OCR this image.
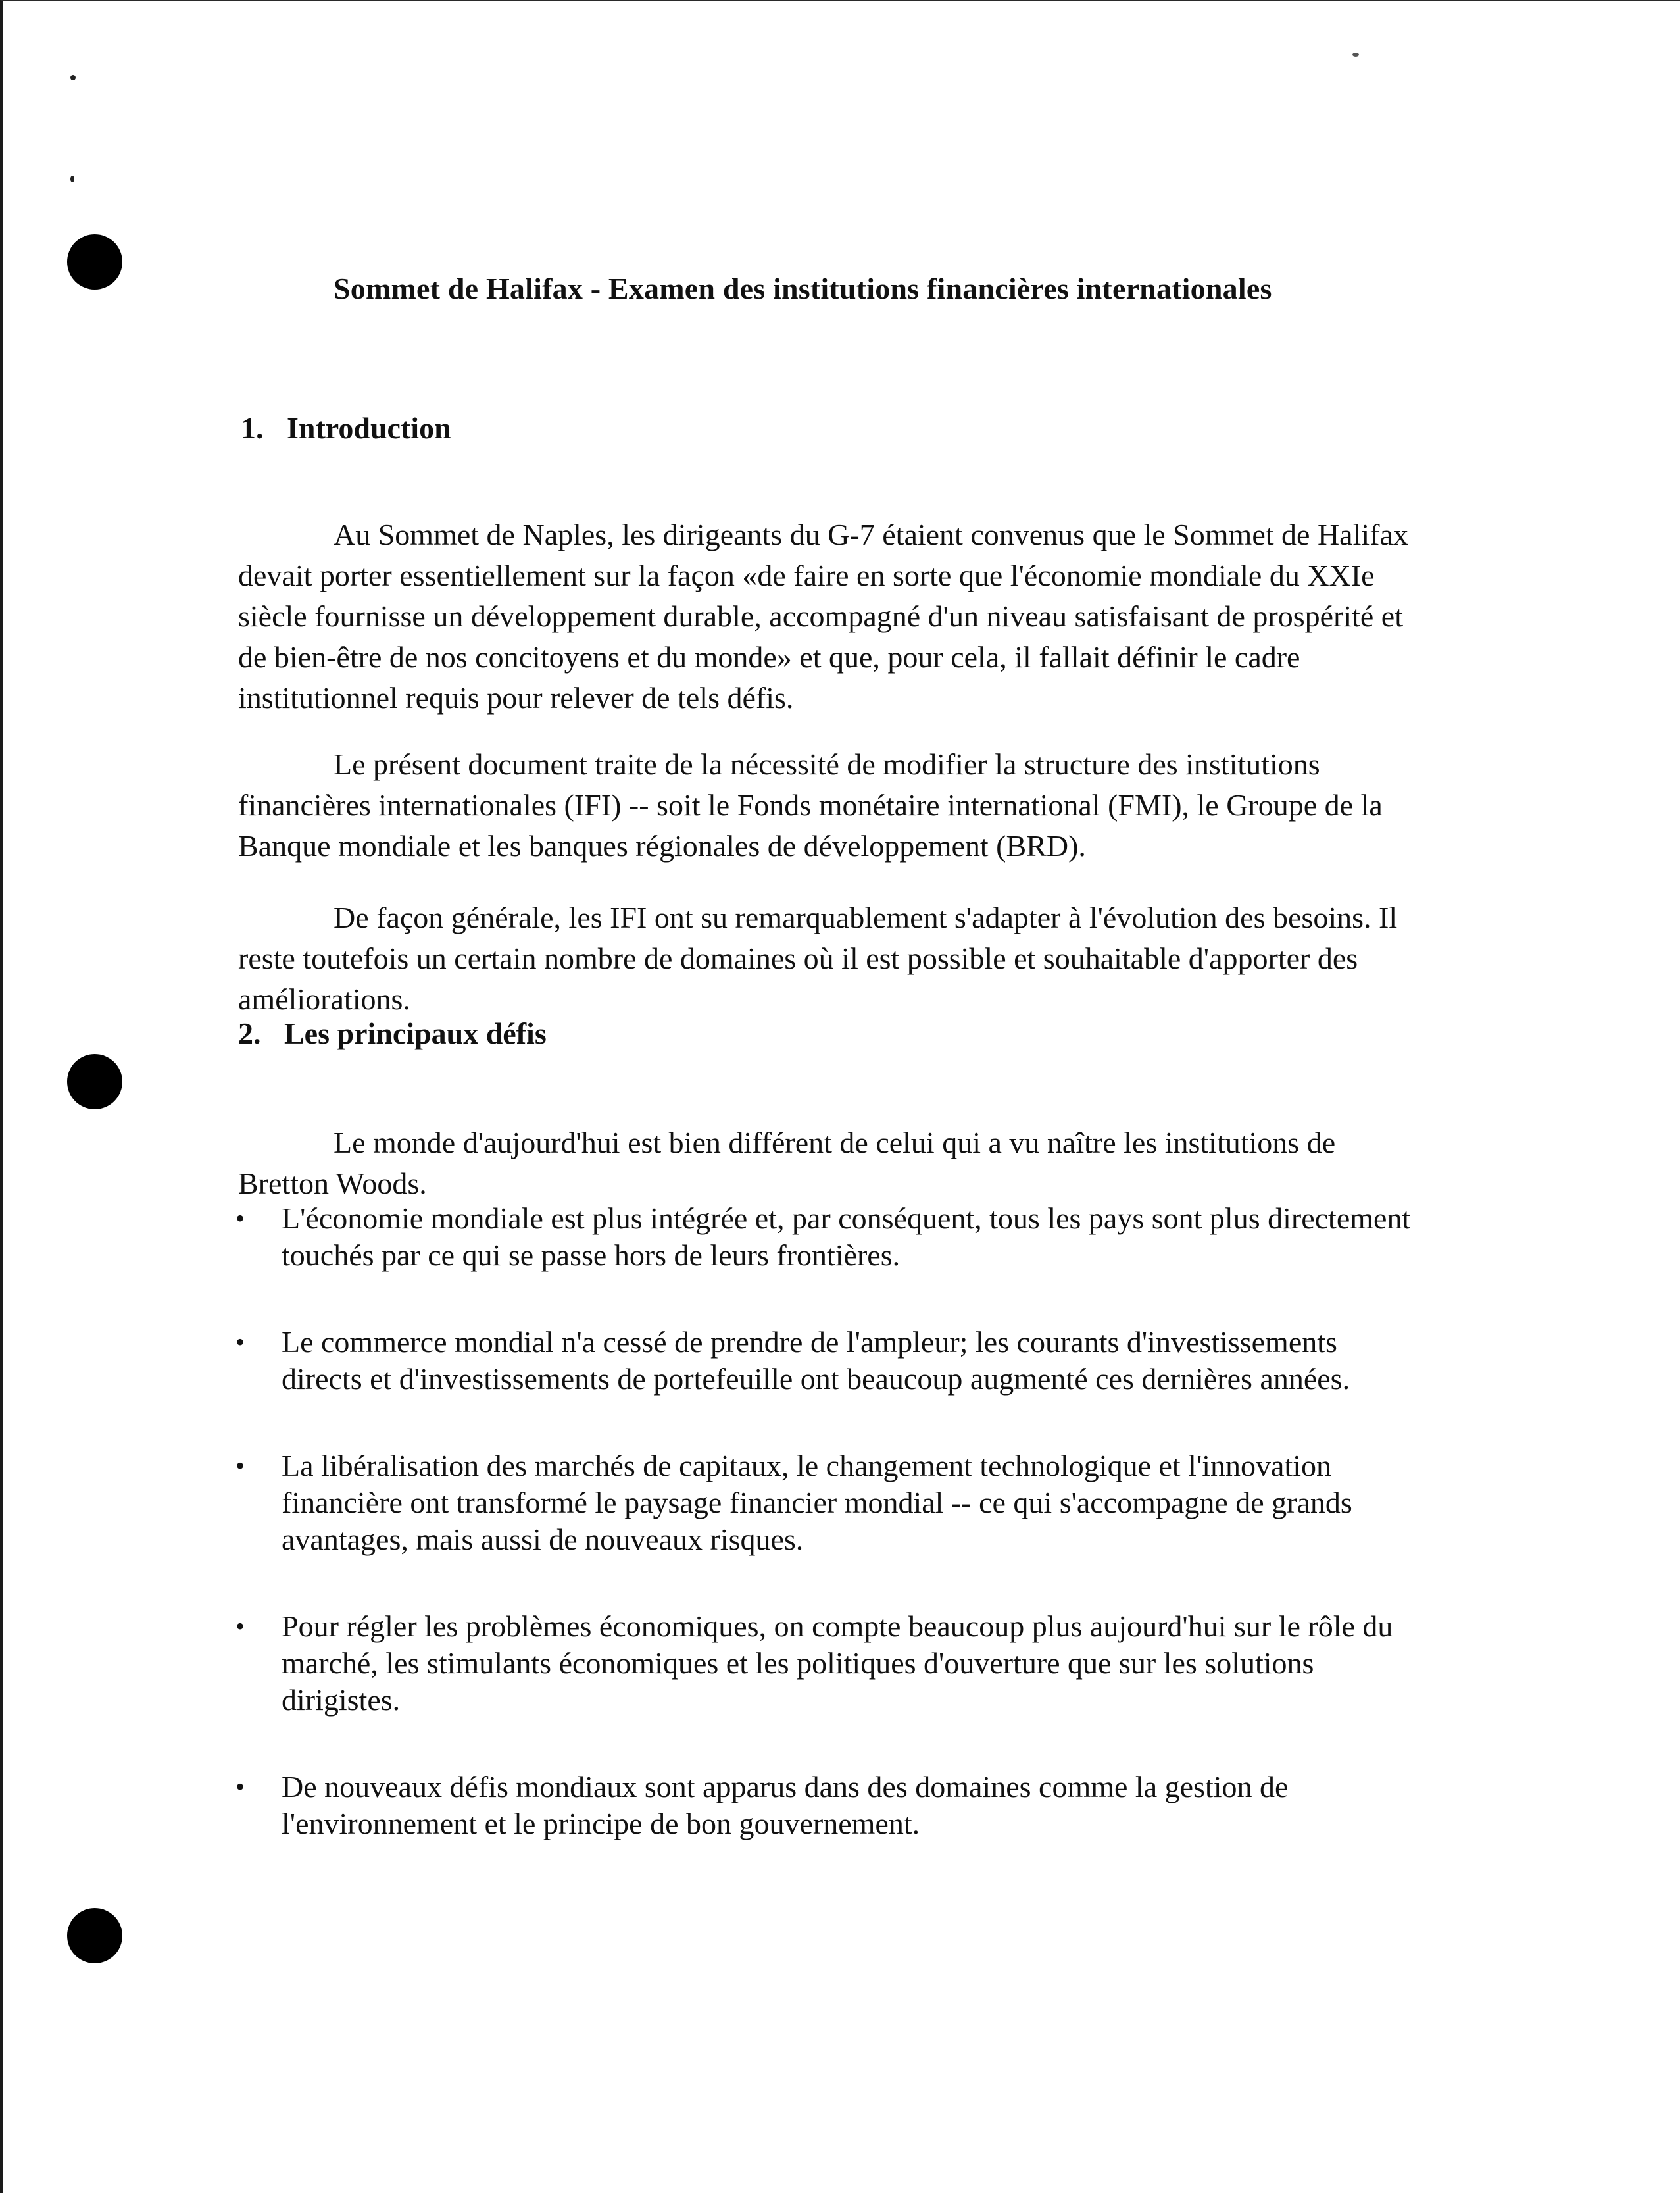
Sommet de Halifax - Examen des institutions financières internationales
1. Introduction

Au Sommet de Naples, les dirigeants du G-7 étaient convenus que le Sommet de Halifax devait porter essentiellement sur la façon «de faire en sorte que l'économie mondiale du XXIe siècle fournisse un développement durable, accompagné d'un niveau satisfaisant de prospérité et de bien-être de nos concitoyens et du monde» et que, pour cela, il fallait définir le cadre institutionnel requis pour relever de tels défis.

Le présent document traite de la nécessité de modifier la structure des institutions financières internationales (IFI) -- soit le Fonds monétaire international (FMI), le Groupe de la Banque mondiale et les banques régionales de développement (BRD).

De façon générale, les IFI ont su remarquablement s'adapter à l'évolution des besoins. Il reste toutefois un certain nombre de domaines où il est possible et souhaitable d'apporter des améliorations.

2. Les principaux défis

Le monde d'aujourd'hui est bien différent de celui qui a vu naître les institutions de Bretton Woods.

• L'économie mondiale est plus intégrée et, par conséquent, tous les pays sont plus directement touchés par ce qui se passe hors de leurs frontières.
• Le commerce mondial n'a cessé de prendre de l'ampleur; les courants d'investissements directs et d'investissements de portefeuille ont beaucoup augmenté ces dernières années.
• La libéralisation des marchés de capitaux, le changement technologique et l'innovation financière ont transformé le paysage financier mondial -- ce qui s'accompagne de grands avantages, mais aussi de nouveaux risques.
• Pour régler les problèmes économiques, on compte beaucoup plus aujourd'hui sur le rôle du marché, les stimulants économiques et les politiques d'ouverture que sur les solutions dirigistes.
• De nouveaux défis mondiaux sont apparus dans des domaines comme la gestion de l'environnement et le principe de bon gouvernement.
